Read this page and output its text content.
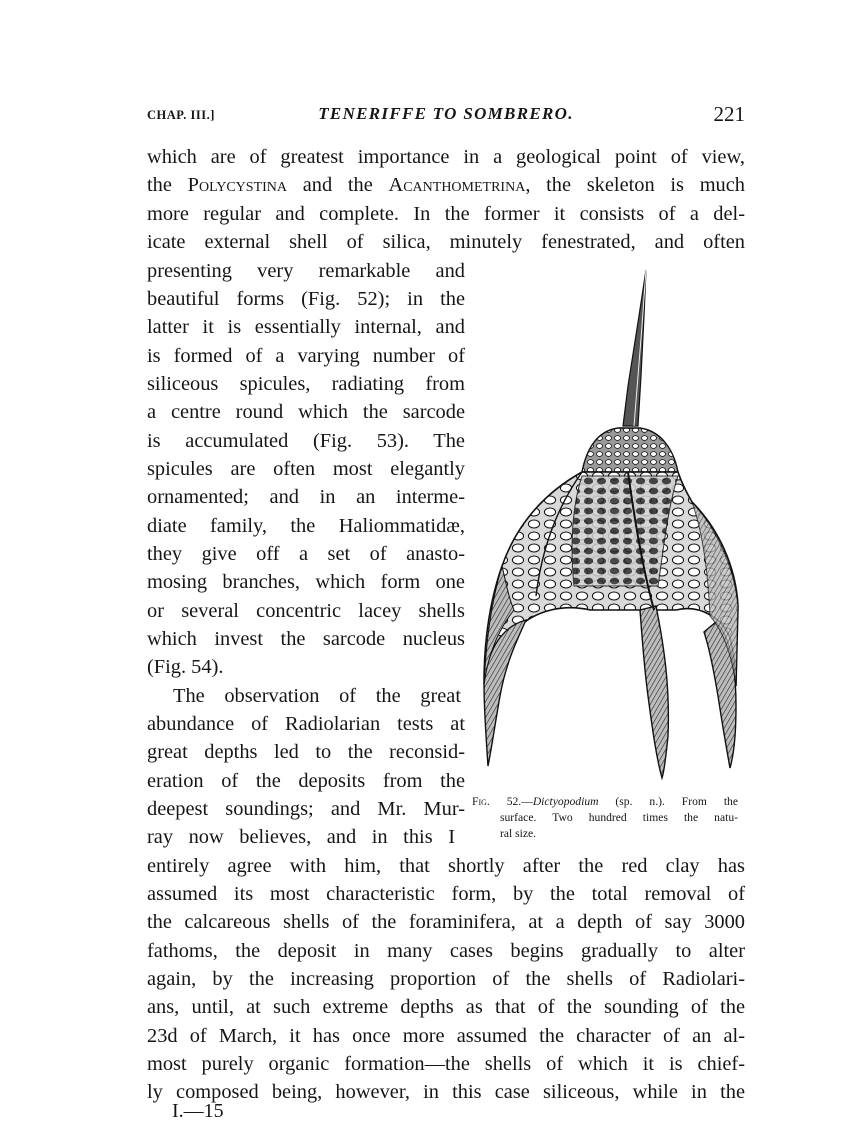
CHAP. III.]	TENERIFFE TO SOMBRERO.	221
which are of greatest importance in a geological point of view,
the Polycystina and the Acanthometrina, the skeleton is much
more regular and complete. In the former it consists of a del-
icate external shell of silica, minutely fenestrated, and often
presenting very remarkable and
beautiful forms (Fig. 52); in the
latter it is essentially internal, and
is formed of a varying number of
siliceous spicules, radiating from
a centre round which the sarcode
is accumulated (Fig. 53). The
spicules are often most elegantly
ornamented; and in an interme-
diate family, the Haliommatidæ,
they give off a set of anasto-
mosing branches, which form one
or several concentric lacey shells
which invest the sarcode nucleus
(Fig. 54).
The observation of the great
abundance of Radiolarian tests at
great depths led to the reconsid-
eration of the deposits from the
deepest soundings; and Mr. Mur-
ray now believes, and in this I
entirely agree with him, that shortly after the red clay has
assumed its most characteristic form, by the total removal of
the calcareous shells of the foraminifera, at a depth of say 3000
fathoms, the deposit in many cases begins gradually to alter
again, by the increasing proportion of the shells of Radiolari-
ans, until, at such extreme depths as that of the sounding of the
23d of March, it has once more assumed the character of an al-
most purely organic formation—the shells of which it is chief-
ly composed being, however, in this case siliceous, while in the
Fig. 52.—Dictyopodium (sp. n.). From the
surface. Two hundred times the natu-
ral size.
I.—15
